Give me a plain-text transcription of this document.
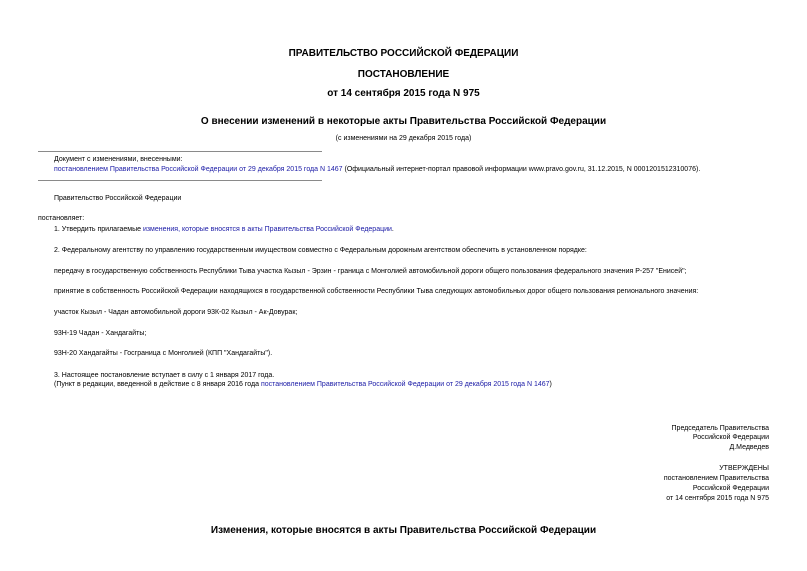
ПРАВИТЕЛЬСТВО РОССИЙСКОЙ ФЕДЕРАЦИИ
ПОСТАНОВЛЕНИЕ
от 14 сентября 2015 года N 975
О внесении изменений в некоторые акты Правительства Российской Федерации
(с изменениями на 29 декабря 2015 года)
Документ с изменениями, внесенными:
постановлением Правительства Российской Федерации от 29 декабря 2015 года N 1467 (Официальный интернет-портал правовой информации www.pravo.gov.ru, 31.12.2015, N 0001201512310076).
Правительство Российской Федерации
постановляет:
1. Утвердить прилагаемые изменения, которые вносятся в акты Правительства Российской Федерации.
2. Федеральному агентству по управлению государственным имуществом совместно с Федеральным дорожным агентством обеспечить в установленном порядке:
передачу в государственную собственность Республики Тыва участка Кызыл - Эрзин - граница с Монголией автомобильной дороги общего пользования федерального значения Р-257 "Енисей";
принятие в собственность Российской Федерации находящихся в государственной собственности Республики Тыва следующих автомобильных дорог общего пользования регионального значения:
участок Кызыл - Чадан автомобильной дороги 93К-02 Кызыл - Ак-Довурак;
93Н-19 Чадан - Хандагайты;
93Н-20 Хандагайты - Госграница с Монголией (КПП "Хандагайты").
3. Настоящее постановление вступает в силу с 1 января 2017 года.
(Пункт в редакции, введенной в действие с 8 января 2016 года постановлением Правительства Российской Федерации от 29 декабря 2015 года N 1467)
Председатель Правительства
Российской Федерации
Д.Медведев
УТВЕРЖДЕНЫ
постановлением Правительства
Российской Федерации
от 14 сентября 2015 года N 975
Изменения, которые вносятся в акты Правительства Российской Федерации
